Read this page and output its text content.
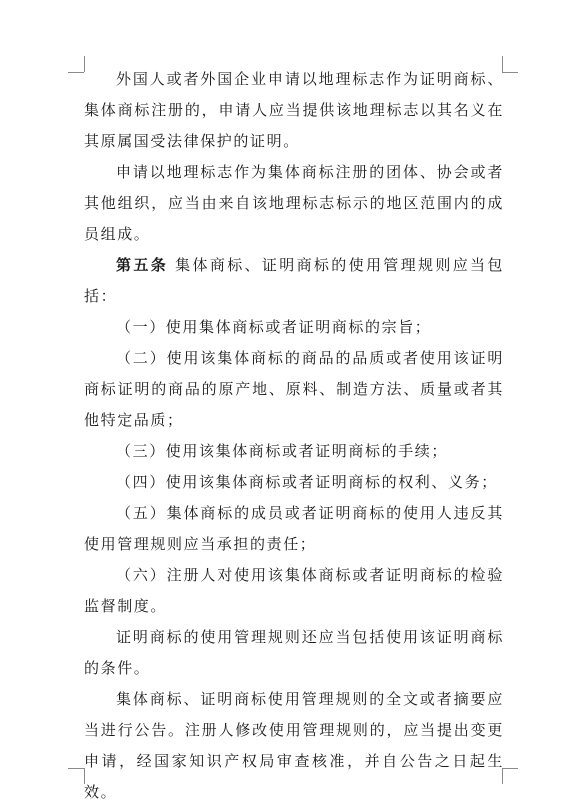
外国人或者外国企业申请以地理标志作为证明商标、集体商标注册的，申请人应当提供该地理标志以其名义在其原属国受法律保护的证明。

申请以地理标志作为集体商标注册的团体、协会或者其他组织，应当由来自该地理标志标示的地区范围内的成员组成。

第五条 集体商标、证明商标的使用管理规则应当包括：

（一）使用集体商标或者证明商标的宗旨；

（二）使用该集体商标的商品的品质或者使用该证明商标证明的商品的原产地、原料、制造方法、质量或者其他特定品质；

（三）使用该集体商标或者证明商标的手续；

（四）使用该集体商标或者证明商标的权利、义务；

（五）集体商标的成员或者证明商标的使用人违反其使用管理规则应当承担的责任；

（六）注册人对使用该集体商标或者证明商标的检验监督制度。

证明商标的使用管理规则还应当包括使用该证明商标的条件。

集体商标、证明商标使用管理规则的全文或者摘要应当进行公告。注册人修改使用管理规则的，应当提出变更申请，经国家知识产权局审查核准，并自公告之日起生效。
